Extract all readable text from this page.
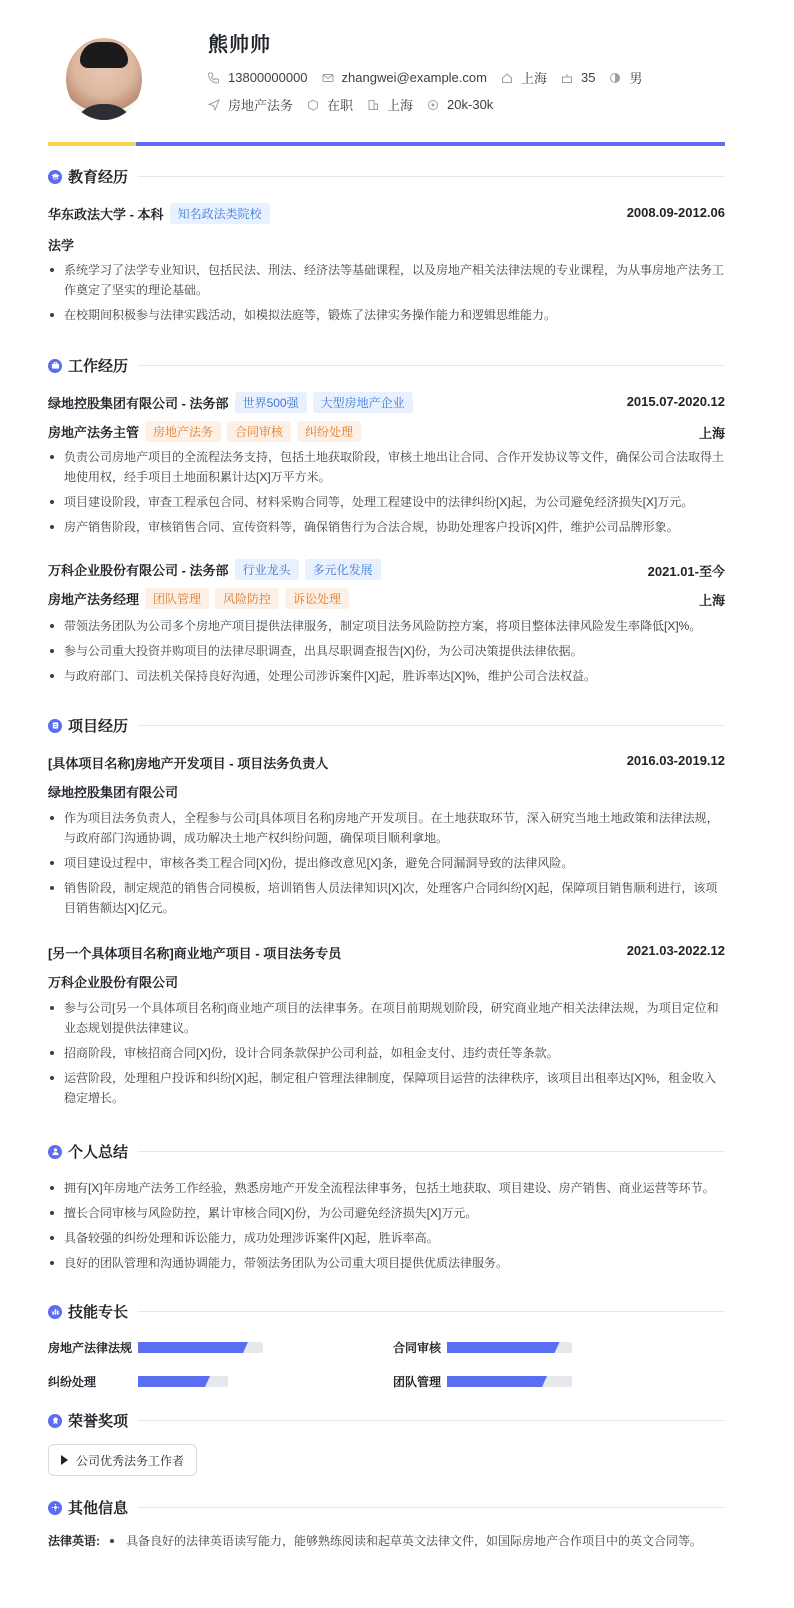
熊帅帅
13800000000	zhangwei@example.com	上海	35	男
房地产法务	在职	上海	20k-30k
教育经历
华东政法大学 - 本科	知名政法类院校	2008.09-2012.06
法学
系统学习了法学专业知识，包括民法、刑法、经济法等基础课程，以及房地产相关法律法规的专业课程，为从事房地产法务工作奠定了坚实的理论基础。
在校期间积极参与法律实践活动，如模拟法庭等，锻炼了法律实务操作能力和逻辑思维能力。
工作经历
绿地控股集团有限公司 - 法务部	世界500强	大型房地产企业	2015.07-2020.12
房地产法务主管	房地产法务	合同审核	纠纷处理	上海
负责公司房地产项目的全流程法务支持，包括土地获取阶段，审核土地出让合同、合作开发协议等文件，确保公司合法取得土地使用权，经手项目土地面积累计达[X]万平方米。
项目建设阶段，审查工程承包合同、材料采购合同等，处理工程建设中的法律纠纷[X]起，为公司避免经济损失[X]万元。
房产销售阶段，审核销售合同、宣传资料等，确保销售行为合法合规，协助处理客户投诉[X]件，维护公司品牌形象。
万科企业股份有限公司 - 法务部	行业龙头	多元化发展	2021.01-至今
房地产法务经理	团队管理	风险防控	诉讼处理	上海
带领法务团队为公司多个房地产项目提供法律服务，制定项目法务风险防控方案，将项目整体法律风险发生率降低[X]%。
参与公司重大投资并购项目的法律尽职调查，出具尽职调查报告[X]份，为公司决策提供法律依据。
与政府部门、司法机关保持良好沟通，处理公司涉诉案件[X]起，胜诉率达[X]%，维护公司合法权益。
项目经历
[具体项目名称]房地产开发项目 - 项目法务负责人	2016.03-2019.12
绿地控股集团有限公司
作为项目法务负责人，全程参与公司[具体项目名称]房地产开发项目。在土地获取环节，深入研究当地土地政策和法律法规，与政府部门沟通协调，成功解决土地产权纠纷问题，确保项目顺利拿地。
项目建设过程中，审核各类工程合同[X]份，提出修改意见[X]条，避免合同漏洞导致的法律风险。
销售阶段，制定规范的销售合同模板，培训销售人员法律知识[X]次，处理客户合同纠纷[X]起，保障项目销售顺利进行，该项目销售额达[X]亿元。
[另一个具体项目名称]商业地产项目 - 项目法务专员	2021.03-2022.12
万科企业股份有限公司
参与公司[另一个具体项目名称]商业地产项目的法律事务。在项目前期规划阶段，研究商业地产相关法律法规，为项目定位和业态规划提供法律建议。
招商阶段，审核招商合同[X]份，设计合同条款保护公司利益，如租金支付、违约责任等条款。
运营阶段，处理租户投诉和纠纷[X]起，制定租户管理法律制度，保障项目运营的法律秩序，该项目出租率达[X]%，租金收入稳定增长。
个人总结
拥有[X]年房地产法务工作经验，熟悉房地产开发全流程法律事务，包括土地获取、项目建设、房产销售、商业运营等环节。
擅长合同审核与风险防控，累计审核合同[X]份，为公司避免经济损失[X]万元。
具备较强的纠纷处理和诉讼能力，成功处理涉诉案件[X]起，胜诉率高。
良好的团队管理和沟通协调能力，带领法务团队为公司重大项目提供优质法律服务。
技能专长
房地产法律法规	合同审核
纠纷处理	团队管理
荣誉奖项
公司优秀法务工作者
其他信息
法律英语: 具备良好的法律英语读写能力，能够熟练阅读和起草英文法律文件，如国际房地产合作项目中的英文合同等。
